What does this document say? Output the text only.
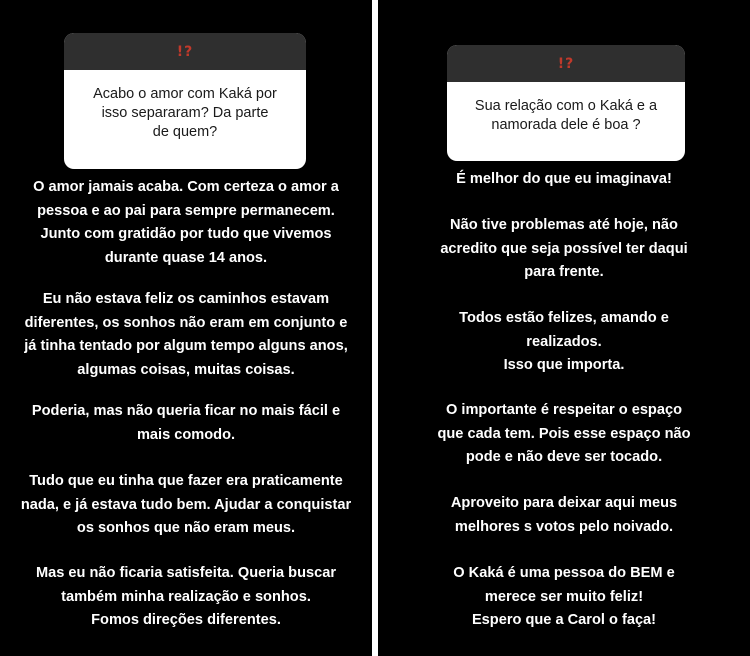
!?
Acabo o amor com Kaká por
isso separaram? Da parte
de quem?
O amor jamais acaba. Com certeza o amor a
pessoa e ao pai para sempre permanecem.
Junto com gratidão por tudo que vivemos
durante quase 14 anos.
Eu não estava feliz os caminhos estavam
diferentes, os sonhos não eram em conjunto e
já tinha tentado por algum tempo alguns anos,
algumas coisas, muitas coisas.
Poderia, mas não queria ficar no mais fácil e
mais comodo.
Tudo que eu tinha que fazer era praticamente
nada, e já estava tudo bem. Ajudar a conquistar
os sonhos que não eram meus.
Mas eu não ficaria satisfeita. Queria buscar
também minha realização e sonhos.
Fomos direções diferentes.
!?
Sua relação com o Kaká e a
namorada dele é boa ?
É melhor do que eu imaginava!
Não tive problemas até hoje, não
acredito que seja possível ter daqui
para frente.
Todos estão felizes, amando e
realizados.
Isso que importa.
O importante é respeitar o espaço
que cada tem. Pois esse espaço não
pode e não deve ser tocado.
Aproveito para deixar aqui meus
melhores s votos pelo noivado.
O Kaká é uma pessoa do BEM e
merece ser muito feliz!
Espero que a Carol o faça!
